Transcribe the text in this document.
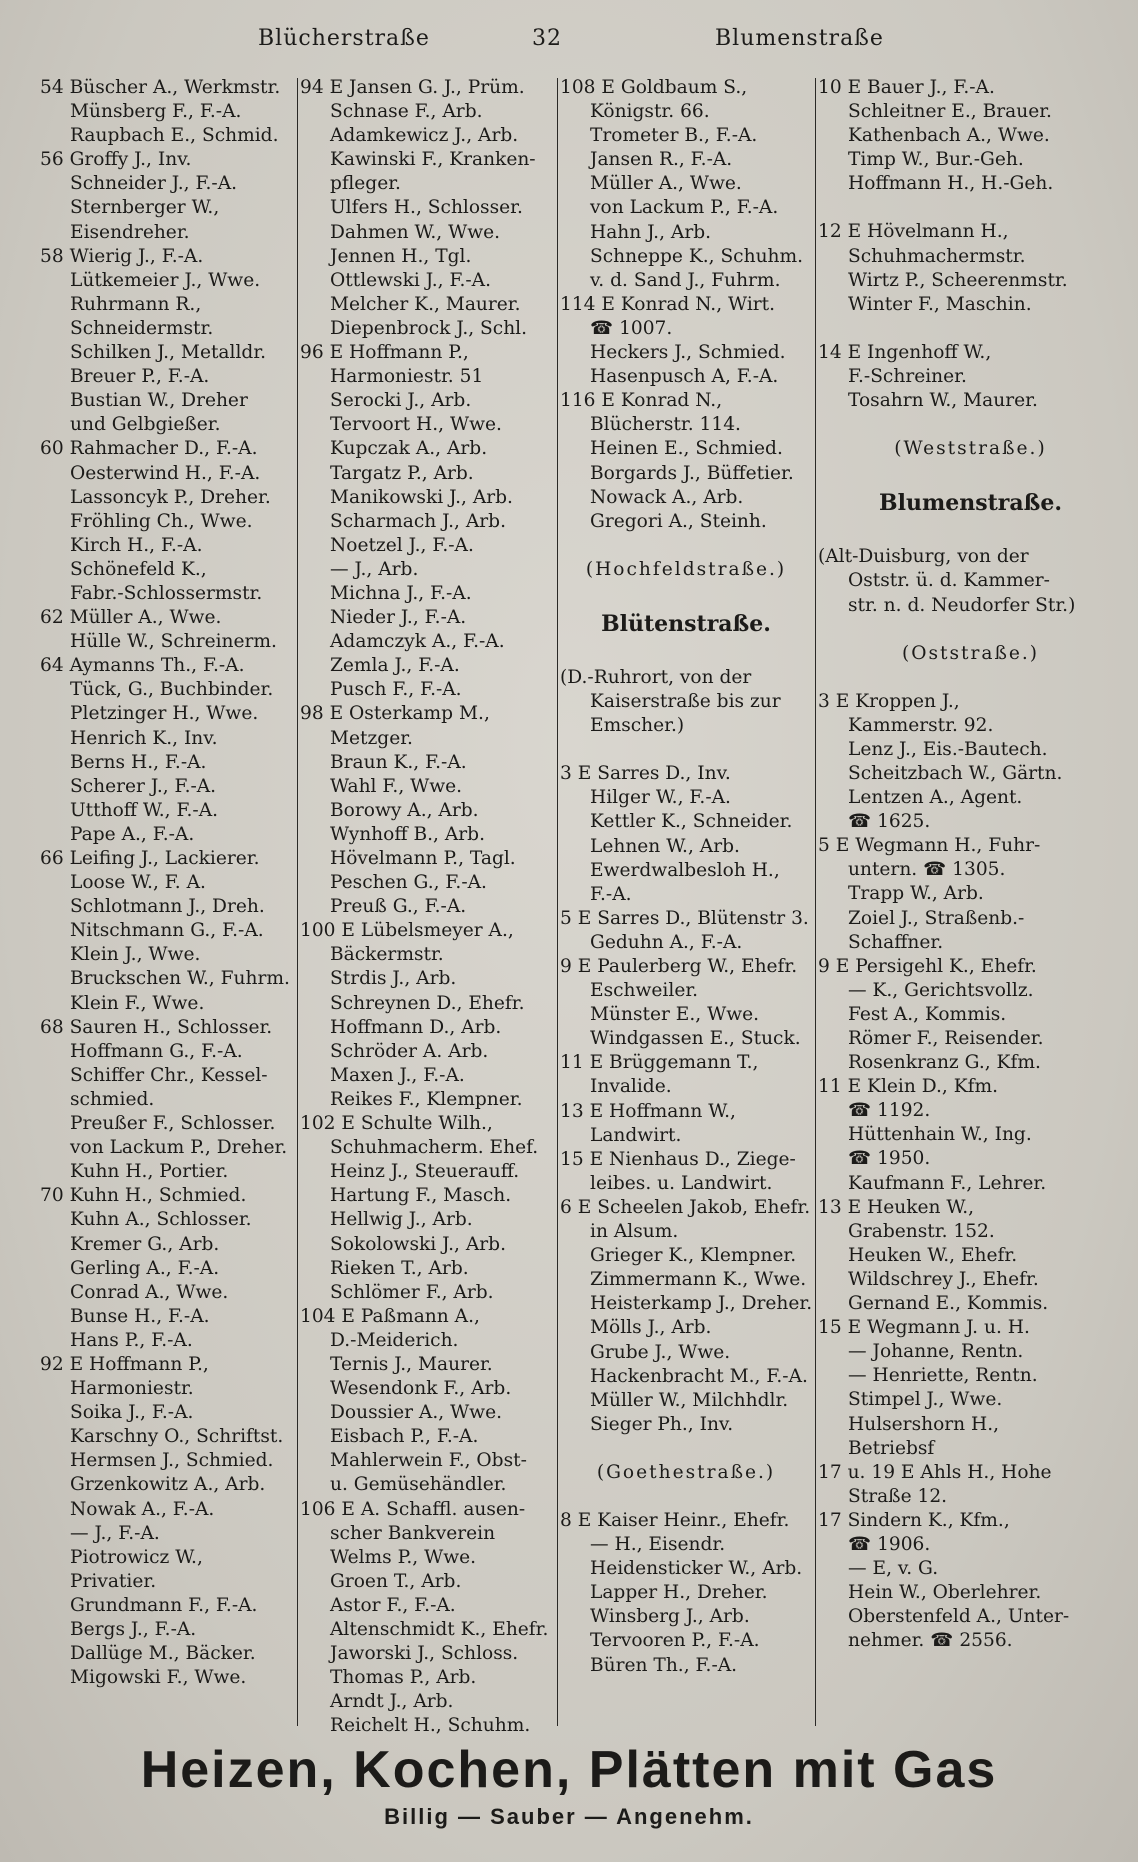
Blücherstraße	32	Blumenstraße
54 Büscher A., Werkmstr.
Münsberg F., F.-A.
Raupbach E., Schmid.
56 Groffy J., Inv.
Schneider J., F.-A.
Sternberger W.,
Eisendreher.
58 Wierig J., F.-A.
Lütkemeier J., Wwe.
Ruhrmann R.,
Schneidermstr.
Schilken J., Metalldr.
Breuer P., F.-A.
Bustian W., Dreher
und Gelbgießer.
60 Rahmacher D., F.-A.
Oesterwind H., F.-A.
Lassoncyk P., Dreher.
Fröhling Ch., Wwe.
Kirch H., F.-A.
Schönefeld K.,
Fabr.-Schlossermstr.
62 Müller A., Wwe.
Hülle W., Schreinerm.
64 Aymanns Th., F.-A.
Tück, G., Buchbinder.
Pletzinger H., Wwe.
Henrich K., Inv.
Berns H., F.-A.
Scherer J., F.-A.
Utthoff W., F.-A.
Pape A., F.-A.
66 Leifing J., Lackierer.
Loose W., F. A.
Schlotmann J., Dreh.
Nitschmann G., F.-A.
Klein J., Wwe.
Bruckschen W., Fuhrm.
Klein F., Wwe.
68 Sauren H., Schlosser.
Hoffmann G., F.-A.
Schiffer Chr., Kessel-
schmied.
Preußer F., Schlosser.
von Lackum P., Dreher.
Kuhn H., Portier.
70 Kuhn H., Schmied.
Kuhn A., Schlosser.
Kremer G., Arb.
Gerling A., F.-A.
Conrad A., Wwe.
Bunse H., F.-A.
Hans P., F.-A.
92 E Hoffmann P.,
Harmoniestr.
Soika J., F.-A.
Karschny O., Schriftst.
Hermsen J., Schmied.
Grzenkowitz A., Arb.
Nowak A., F.-A.
— J., F.-A.
Piotrowicz W.,
Privatier.
Grundmann F., F.-A.
Bergs J., F.-A.
Dallüge M., Bäcker.
Migowski F., Wwe.
94 E Jansen G. J., Prüm.
Schnase F., Arb.
Adamkewicz J., Arb.
Kawinski F., Kranken-
pfleger.
Ulfers H., Schlosser.
Dahmen W., Wwe.
Jennen H., Tgl.
Ottlewski J., F.-A.
Melcher K., Maurer.
Diepenbrock J., Schl.
96 E Hoffmann P.,
Harmoniestr. 51
Serocki J., Arb.
Tervoort H., Wwe.
Kupczak A., Arb.
Targatz P., Arb.
Manikowski J., Arb.
Scharmach J., Arb.
Noetzel J., F.-A.
— J., Arb.
Michna J., F.-A.
Nieder J., F.-A.
Adamczyk A., F.-A.
Zemla J., F.-A.
Pusch F., F.-A.
98 E Osterkamp M.,
Metzger.
Braun K., F.-A.
Wahl F., Wwe.
Borowy A., Arb.
Wynhoff B., Arb.
Hövelmann P., Tagl.
Peschen G., F.-A.
Preuß G., F.-A.
100 E Lübelsmeyer A.,
Bäckermstr.
Strdis J., Arb.
Schreynen D., Ehefr.
Hoffmann D., Arb.
Schröder A. Arb.
Maxen J., F.-A.
Reikes F., Klempner.
102 E Schulte Wilh.,
Schuhmacherm. Ehef.
Heinz J., Steuerauff.
Hartung F., Masch.
Hellwig J., Arb.
Sokolowski J., Arb.
Rieken T., Arb.
Schlömer F., Arb.
104 E Paßmann A.,
D.-Meiderich.
Ternis J., Maurer.
Wesendonk F., Arb.
Doussier A., Wwe.
Eisbach P., F.-A.
Mahlerwein F., Obst-
u. Gemüsehändler.
106 E A. Schaffl. ausen-
scher Bankverein
Welms P., Wwe.
Groen T., Arb.
Astor F., F.-A.
Altenschmidt K., Ehefr.
Jaworski J., Schloss.
Thomas P., Arb.
Arndt J., Arb.
Reichelt H., Schuhm.
108 E Goldbaum S.,
Königstr. 66.
Trometer B., F.-A.
Jansen R., F.-A.
Müller A., Wwe.
von Lackum P., F.-A.
Hahn J., Arb.
Schneppe K., Schuhm.
v. d. Sand J., Fuhrm.
114 E Konrad N., Wirt.
☎ 1007.
Heckers J., Schmied.
Hasenpusch A, F.-A.
116 E Konrad N.,
Blücherstr. 114.
Heinen E., Schmied.
Borgards J., Büffetier.
Nowack A., Arb.
Gregori A., Steinh.
(Hochfeldstraße.)
Blütenstraße.
(D.-Ruhrort, von der
Kaiserstraße bis zur
Emscher.)
3 E Sarres D., Inv.
Hilger W., F.-A.
Kettler K., Schneider.
Lehnen W., Arb.
Ewerdwalbesloh H.,
F.-A.
5 E Sarres D., Blütenstr 3.
Geduhn A., F.-A.
9 E Paulerberg W., Ehefr.
Eschweiler.
Münster E., Wwe.
Windgassen E., Stuck.
11 E Brüggemann T.,
Invalide.
13 E Hoffmann W.,
Landwirt.
15 E Nienhaus D., Ziege-
leibes. u. Landwirt.
6 E Scheelen Jakob, Ehefr.
in Alsum.
Grieger K., Klempner.
Zimmermann K., Wwe.
Heisterkamp J., Dreher.
Mölls J., Arb.
Grube J., Wwe.
Hackenbracht M., F.-A.
Müller W., Milchhdlr.
Sieger Ph., Inv.
(Goethestraße.)
8 E Kaiser Heinr., Ehefr.
— H., Eisendr.
Heidensticker W., Arb.
Lapper H., Dreher.
Winsberg J., Arb.
Tervooren P., F.-A.
Büren Th., F.-A.
10 E Bauer J., F.-A.
Schleitner E., Brauer.
Kathenbach A., Wwe.
Timp W., Bur.-Geh.
Hoffmann H., H.-Geh.
12 E Hövelmann H.,
Schuhmachermstr.
Wirtz P., Scheerenmstr.
Winter F., Maschin.
14 E Ingenhoff W.,
F.-Schreiner.
Tosahrn W., Maurer.
(Weststraße.)
Blumenstraße.
(Alt-Duisburg, von der
Oststr. ü. d. Kammer-
str. n. d. Neudorfer Str.)
(Oststraße.)
3 E Kroppen J.,
Kammerstr. 92.
Lenz J., Eis.-Bautech.
Scheitzbach W., Gärtn.
Lentzen A., Agent.
☎ 1625.
5 E Wegmann H., Fuhr-
untern. ☎ 1305.
Trapp W., Arb.
Zoiel J., Straßenb.-
Schaffner.
9 E Persigehl K., Ehefr.
— K., Gerichtsvollz.
Fest A., Kommis.
Römer F., Reisender.
Rosenkranz G., Kfm.
11 E Klein D., Kfm.
☎ 1192.
Hüttenhain W., Ing.
☎ 1950.
Kaufmann F., Lehrer.
13 E Heuken W.,
Grabenstr. 152.
Heuken W., Ehefr.
Wildschrey J., Ehefr.
Gernand E., Kommis.
15 E Wegmann J. u. H.
— Johanne, Rentn.
— Henriette, Rentn.
Stimpel J., Wwe.
Hulsershorn H.,
Betriebsf
17 u. 19 E Ahls H., Hohe
Straße 12.
17 Sindern K., Kfm.,
☎ 1906.
— E, v. G.
Hein W., Oberlehrer.
Oberstenfeld A., Unter-
nehmer. ☎ 2556.
Heizen, Kochen, Plätten mit Gas
Billig — Sauber — Angenehm.
